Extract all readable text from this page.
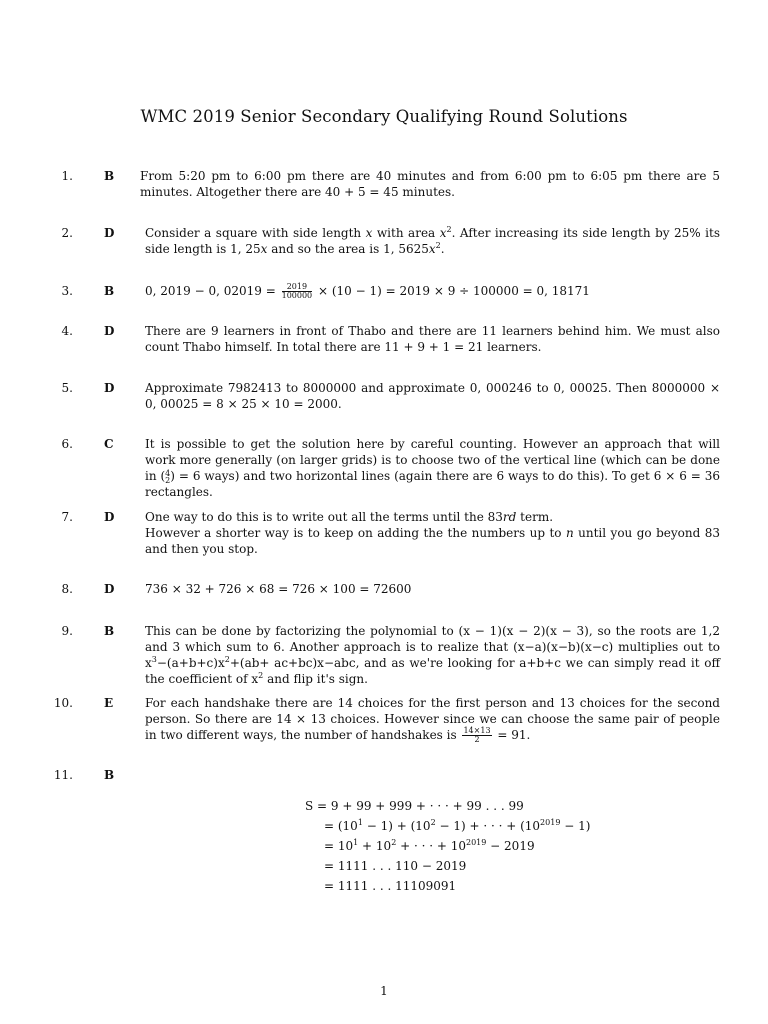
WMC 2019 Senior Secondary Qualifying Round Solutions
1.	B From 5:20 pm to 6:00 pm there are 40 minutes and from 6:00 pm to 6:05 pm there are 5 minutes. Altogether there are 40 + 5 = 45 minutes.
2.	D	Consider a square with side length x with area $x^2$. After increasing its side length by 25% its side length is 1, 25x and so the area is 1, $5625x^2$.
3.	B	0, 2019 − 0, $02019 = \frac{2019}{100000} \times (10 - 1) = 2019 \times 9 \div 100000 = 0$, 18171
4.	D	There are 9 learners in front of Thabo and there are 11 learners behind him. We must also count Thabo himself. In total there are 11 + 9 + 1 = 21 learners.
5.	D	Approximate 7982413 to 8000000 and approximate 0, 000246 to 0, 00025. Then 8000000 × 0, 00025 = 8 × 25 × 10 = 2000.
6.	C	It is possible to get the solution here by careful counting. However an approach that will work more generally (on larger grids) is to choose two of the vertical line (which can be done in ( 4
2 ) = 6 ways) and two horizontal lines (again there are 6 ways to do this). To get 6 × 6 = 36 rectangles.
7.	D	One way to do this is to write out all the terms until the 83rd term.
However a shorter way is to keep on adding the the numbers up to n until you go beyond 83 and then you stop.
8.	D	736 × 32 + 726 × 68 = 726 × 100 = 72600
9.	B	This can be done by factorizing the polynomial to (x − 1)(x − 2)(x − 3), so the roots are 1,2 and 3 which sum to 6. Another approach is to realize that (x−a)(x−b)(x−c) multiplies out to $x^3-(a+b+c)x^2+(ab+ ac+bc)x-abc$, and as we're looking for a+b+c we can simply read it off the coefficient of $x^2$ and flip it's sign.
10.	E	For each handshake there are 14 choices for the first person and 13 choices for the second person. So there are 14 × 13 choices. However since we can choose the same pair of people in two different ways, the number of handshakes is $\frac{14\times 13}{2} = 91$.
11.	B
S = 9 + 99 + 999 + · · · + 99 . . . 99
= $(10^1 - 1) + (10^2 - 1)$ + · · · + $(10^{2019} - 1)$
= $10^1 + 10^2$ + · · · + $10^{2019} - 2019$
= 1111 . . . 110 − 2019
= 1111 . . . 11109091
1
